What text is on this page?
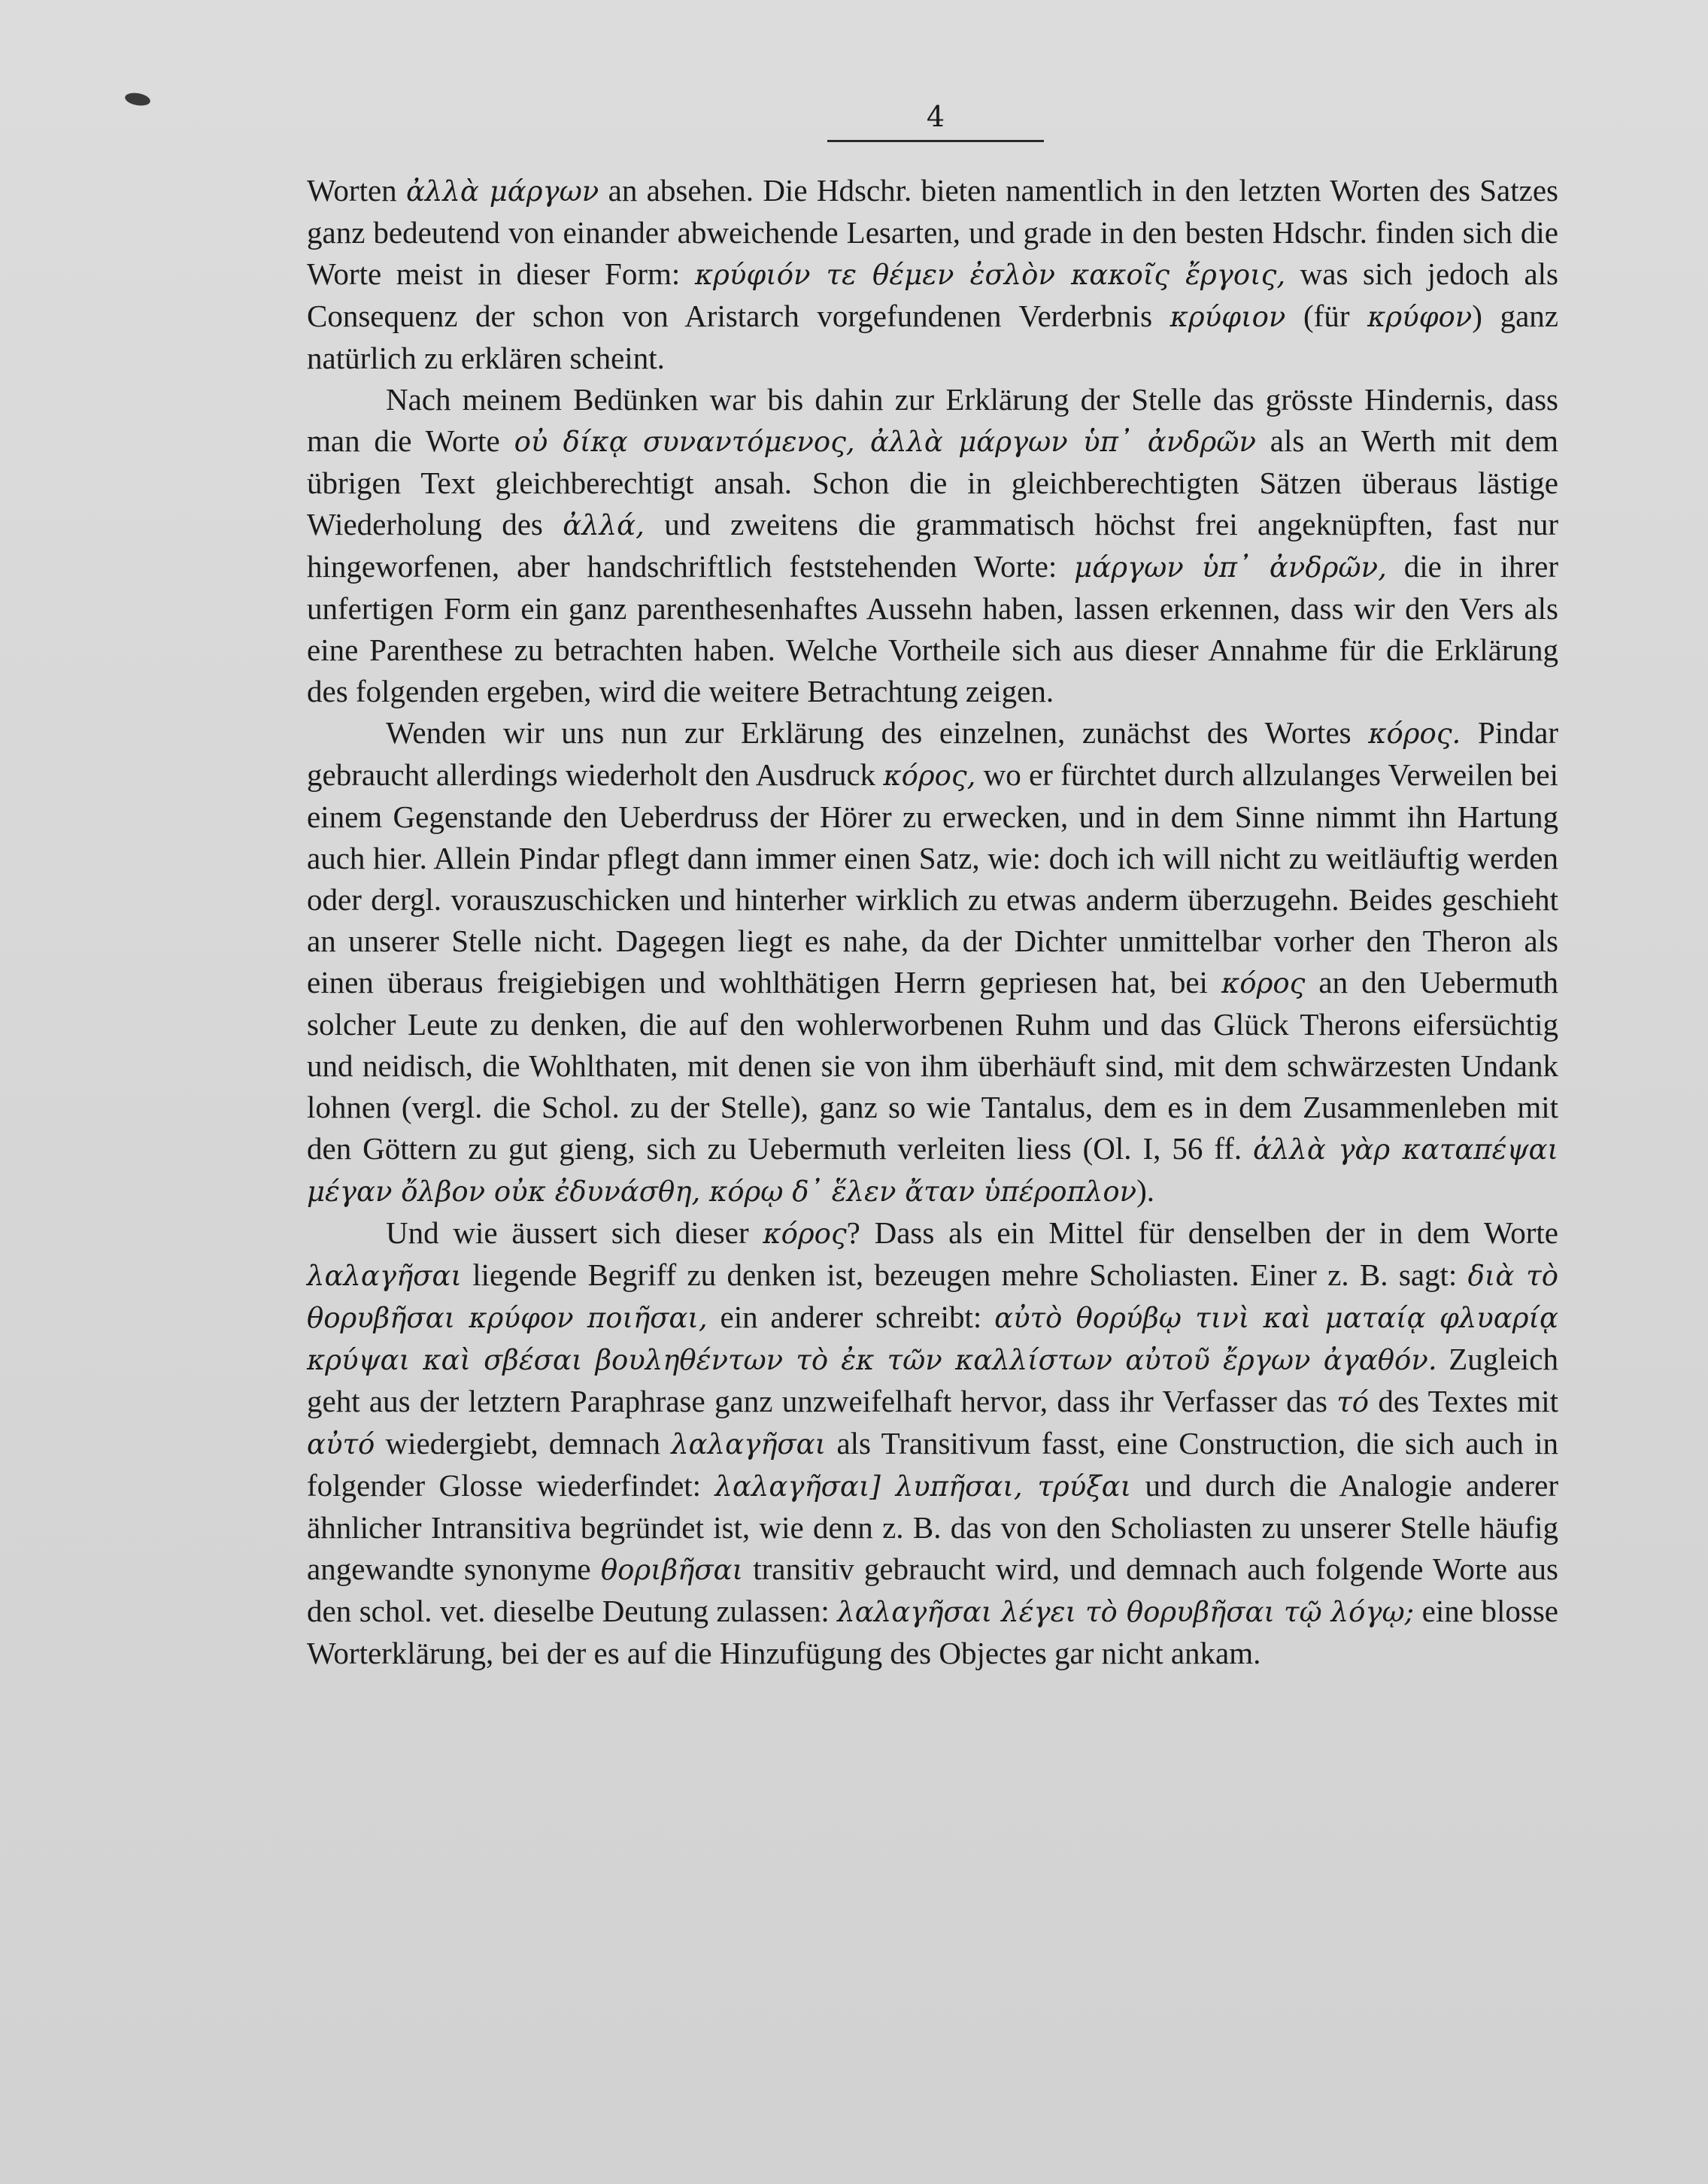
4

Worten ἀλλὰ μάργων an absehen. Die Hdschr. bieten namentlich in den letzten Worten des Satzes ganz bedeutend von einander abweichende Lesarten, und grade in den besten Hdschr. finden sich die Worte meist in dieser Form: κρύφιόν τε θέμεν ἐσλὸν κακοῖς ἔργοις, was sich jedoch als Consequenz der schon von Aristarch vorgefundenen Verderbnis κρύφιον (für κρύφον) ganz natürlich zu erklären scheint.

Nach meinem Bedünken war bis dahin zur Erklärung der Stelle das grösste Hindernis, dass man die Worte οὐ δίκᾳ συναντόμενος, ἀλλὰ μάργων ὑπ᾽ ἀνδρῶν als an Werth mit dem übrigen Text gleichberechtigt ansah. Schon die in gleichberechtigten Sätzen überaus lästige Wiederholung des ἀλλά, und zweitens die grammatisch höchst frei angeknüpften, fast nur hingeworfenen, aber handschriftlich feststehenden Worte: μάργων ὑπ᾽ ἀνδρῶν, die in ihrer unfertigen Form ein ganz parenthesenhaftes Aussehn haben, lassen erkennen, dass wir den Vers als eine Parenthese zu betrachten haben. Welche Vortheile sich aus dieser Annahme für die Erklärung des folgenden ergeben, wird die weitere Betrachtung zeigen.

Wenden wir uns nun zur Erklärung des einzelnen, zunächst des Wortes κόρος. Pindar gebraucht allerdings wiederholt den Ausdruck κόρος, wo er fürchtet durch allzulanges Verweilen bei einem Gegenstande den Ueberdruss der Hörer zu erwecken, und in dem Sinne nimmt ihn Hartung auch hier. Allein Pindar pflegt dann immer einen Satz, wie: doch ich will nicht zu weitläuftig werden oder dergl. vorauszuschicken und hinterher wirklich zu etwas anderm überzugehn. Beides geschieht an unserer Stelle nicht. Dagegen liegt es nahe, da der Dichter unmittelbar vorher den Theron als einen überaus freigiebigen und wohlthätigen Herrn gepriesen hat, bei κόρος an den Uebermuth solcher Leute zu denken, die auf den wohlerworbenen Ruhm und das Glück Therons eifersüchtig und neidisch, die Wohlthaten, mit denen sie von ihm überhäuft sind, mit dem schwärzesten Undank lohnen (vergl. die Schol. zu der Stelle), ganz so wie Tantalus, dem es in dem Zusammenleben mit den Göttern zu gut gieng, sich zu Uebermuth verleiten liess (Ol. I, 56 ff. ἀλλὰ γὰρ καταπέψαι μέγαν ὄλβον οὐκ ἐδυνάσθη, κόρῳ δ᾽ ἕλεν ἄταν ὑπέροπλον).

Und wie äussert sich dieser κόρος? Dass als ein Mittel für denselben der in dem Worte λαλαγῆσαι liegende Begriff zu denken ist, bezeugen mehre Scholiasten. Einer z. B. sagt: διὰ τὸ θορυβῆσαι κρύφον ποιῆσαι, ein anderer schreibt: αὐτὸ θορύβῳ τινὶ καὶ ματαίᾳ φλυαρίᾳ κρύψαι καὶ σβέσαι βουληθέντων τὸ ἐκ τῶν καλλίστων αὐτοῦ ἔργων ἀγαθόν. Zugleich geht aus der letztern Paraphrase ganz unzweifelhaft hervor, dass ihr Verfasser das τό des Textes mit αὐτό wiedergiebt, demnach λαλαγῆσαι als Transitivum fasst, eine Construction, die sich auch in folgender Glosse wiederfindet: λαλαγῆσαι] λυπῆσαι, τρύξαι und durch die Analogie anderer ähnlicher Intransitiva begründet ist, wie denn z. B. das von den Scholiasten zu unserer Stelle häufig angewandte synonyme θοριβῆσαι transitiv gebraucht wird, und demnach auch folgende Worte aus den schol. vet. dieselbe Deutung zulassen: λαλαγῆσαι λέγει τὸ θορυβῆσαι τῷ λόγῳ; eine blosse Worterklärung, bei der es auf die Hinzufügung des Objectes gar nicht ankam.
